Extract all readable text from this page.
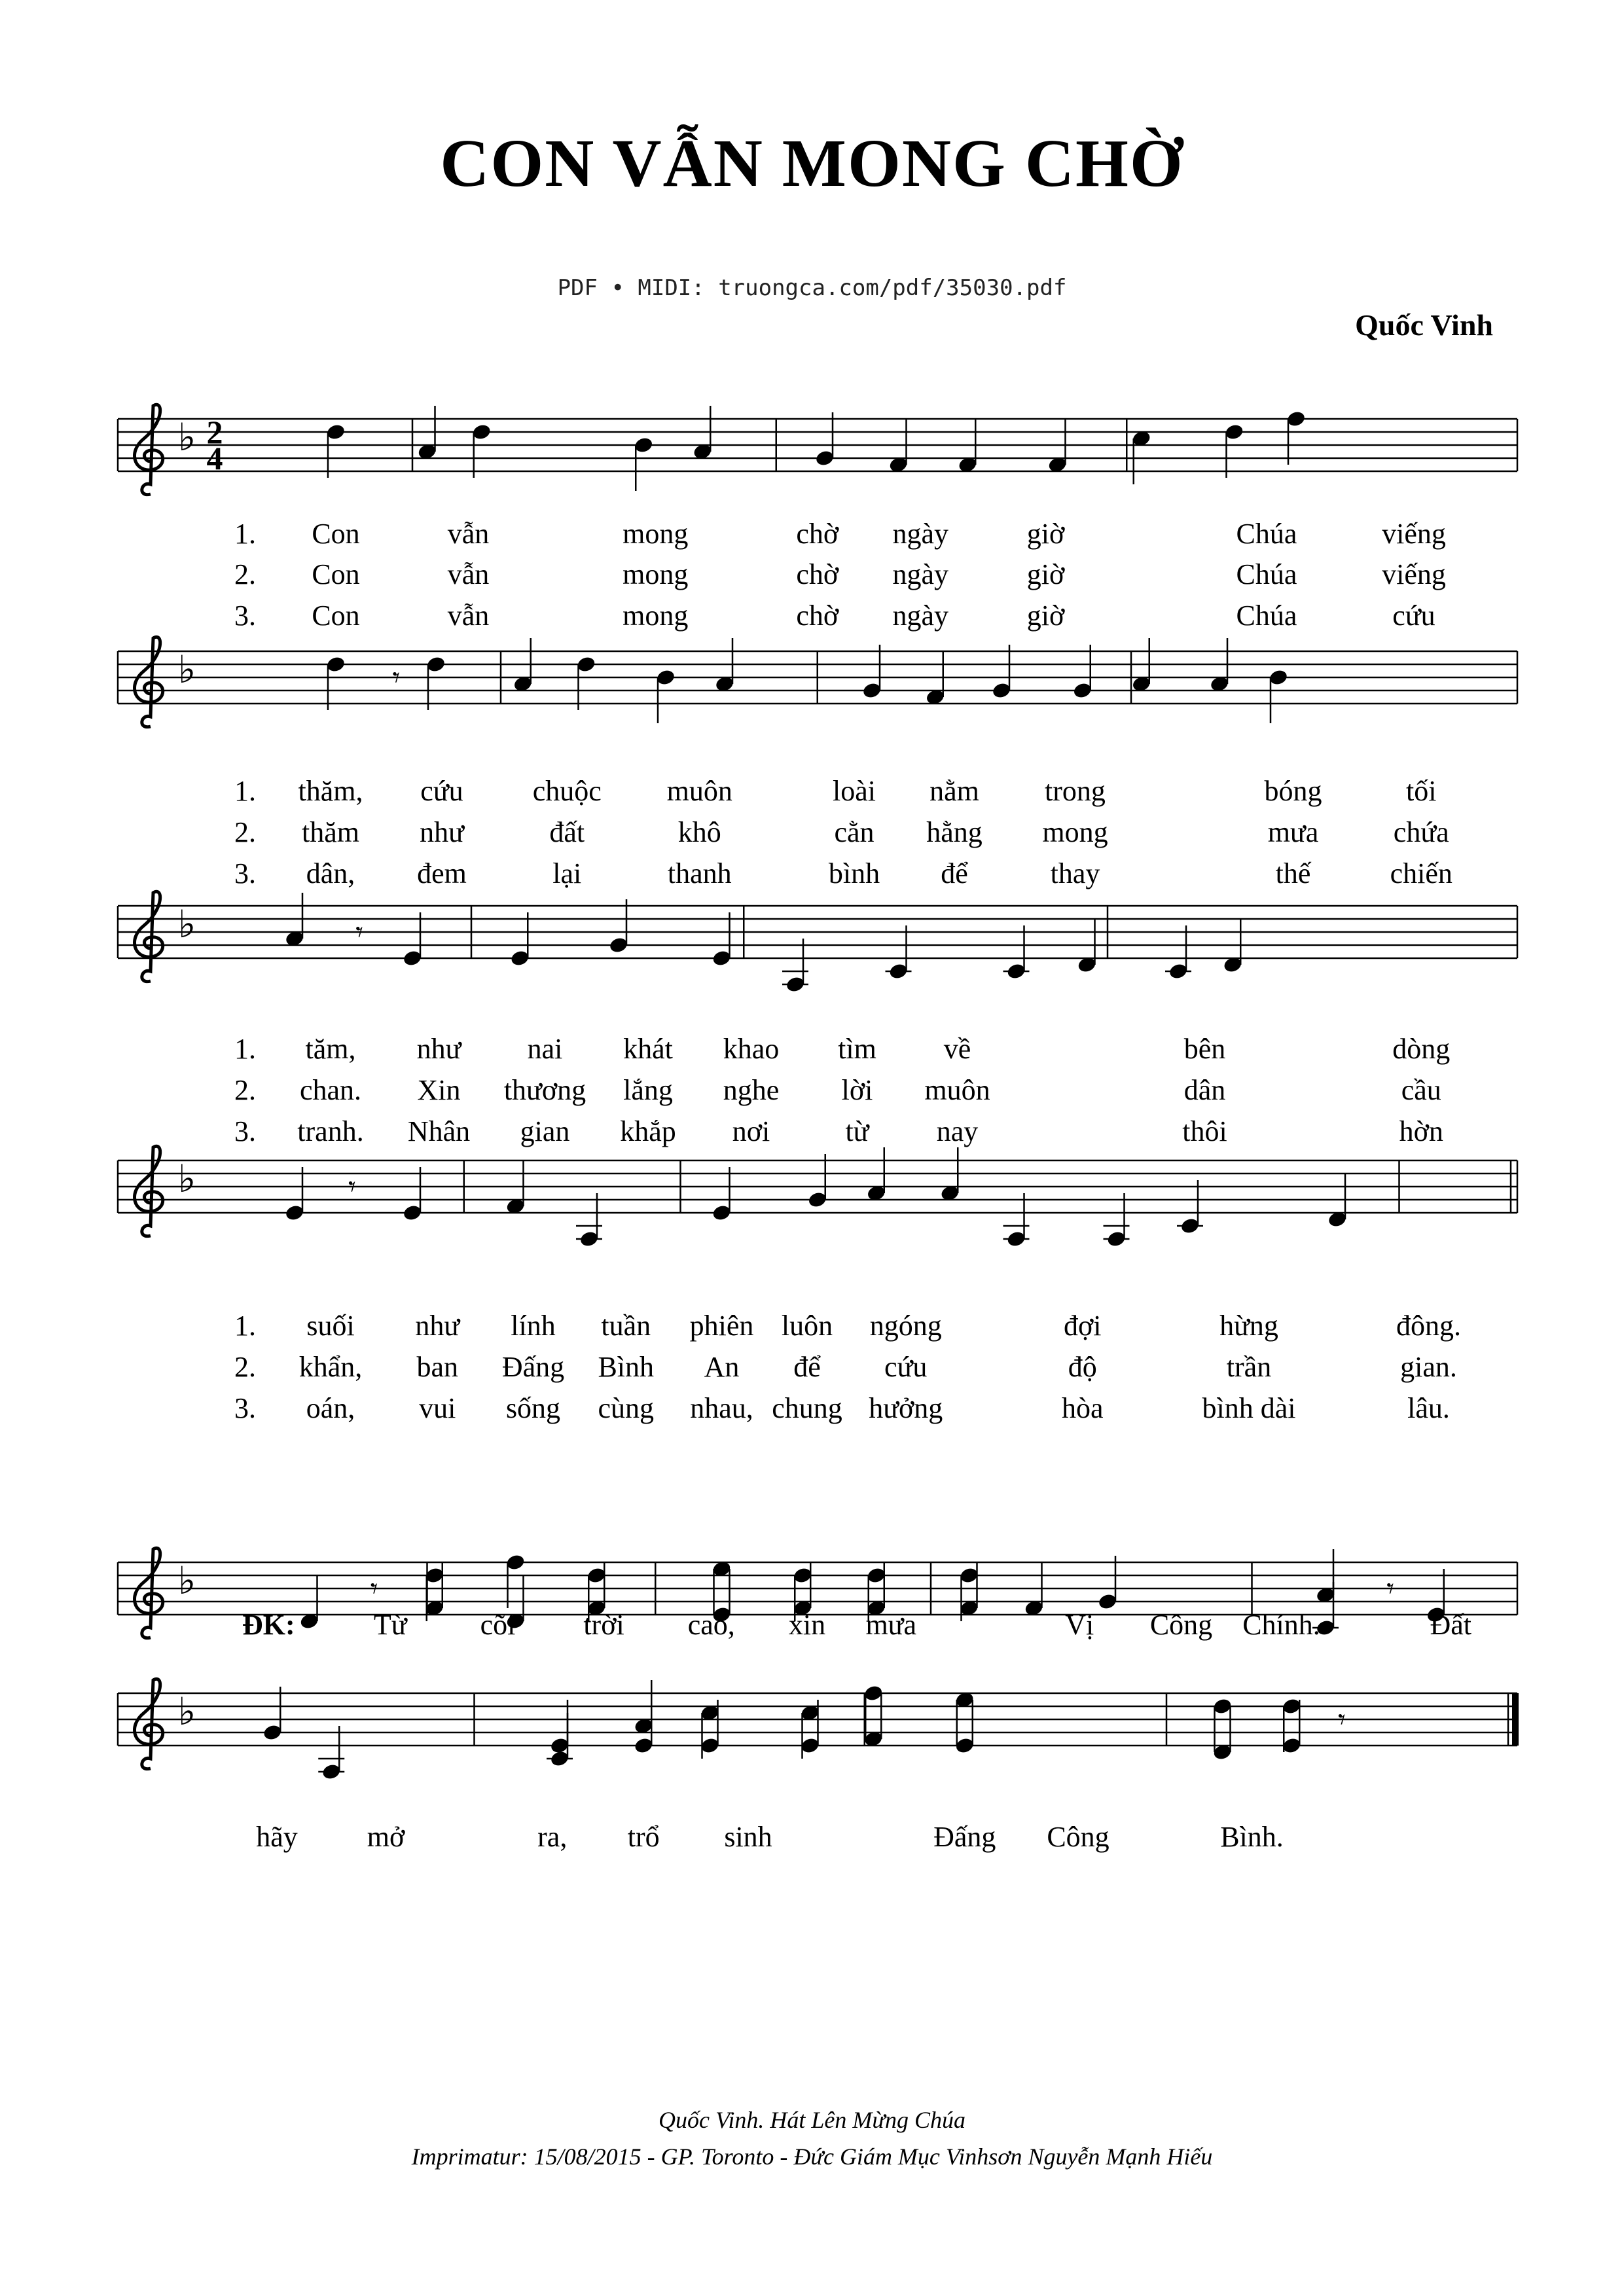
CON VẪN MONG CHỜ
PDF • MIDI: truongca.com/pdf/35030.pdf
Quốc Vinh
♭
♭	𝄾
♭	𝄾
♭	𝄾
♭	𝄾	𝄾
♭	𝄾
2
4
1. Con	vẫn	mong	chờ ngày	giờ	Chúa	viếng
2. Con	vẫn	mong	chờ ngày	giờ	Chúa	viếng
3. Con	vẫn	mong	chờ ngày	giờ	Chúa	cứu
1. thăm, cứu chuộc muôn	loài nằm trong	bóng	tối
2. thăm như	đất	khô	cằn hằng mong	mưa	chứa
3. dân, đem	lại	thanh	bình để	thay	thế	chiến
1. tăm, như nai khát khao tìm về	bên	dòng
2. chan. Xin thương lắng nghe lời muôn	dân	cầu
3. tranh. Nhân gian khắp nơi	từ nay	thôi	hờn
1. suối như lính tuần phiên luôn ngóng	đợi	hừng	đông.
2. khẩn, ban Đấng Bình An để cứu	độ	trần	gian.
3. oán, vui sống cùng nhau, chung hưởng	hòa	bình dài	lâu.
ĐK:	Từ	cõi trời cao, xin mưa	Vị Công Chính.	Đất
hãy mở	ra, trổ sinh	Đấng Công	Bình.
Quốc Vinh. Hát Lên Mừng Chúa
Imprimatur: 15/08/2015 - GP. Toronto - Đức Giám Mục Vinhsơn Nguyễn Mạnh Hiếu
